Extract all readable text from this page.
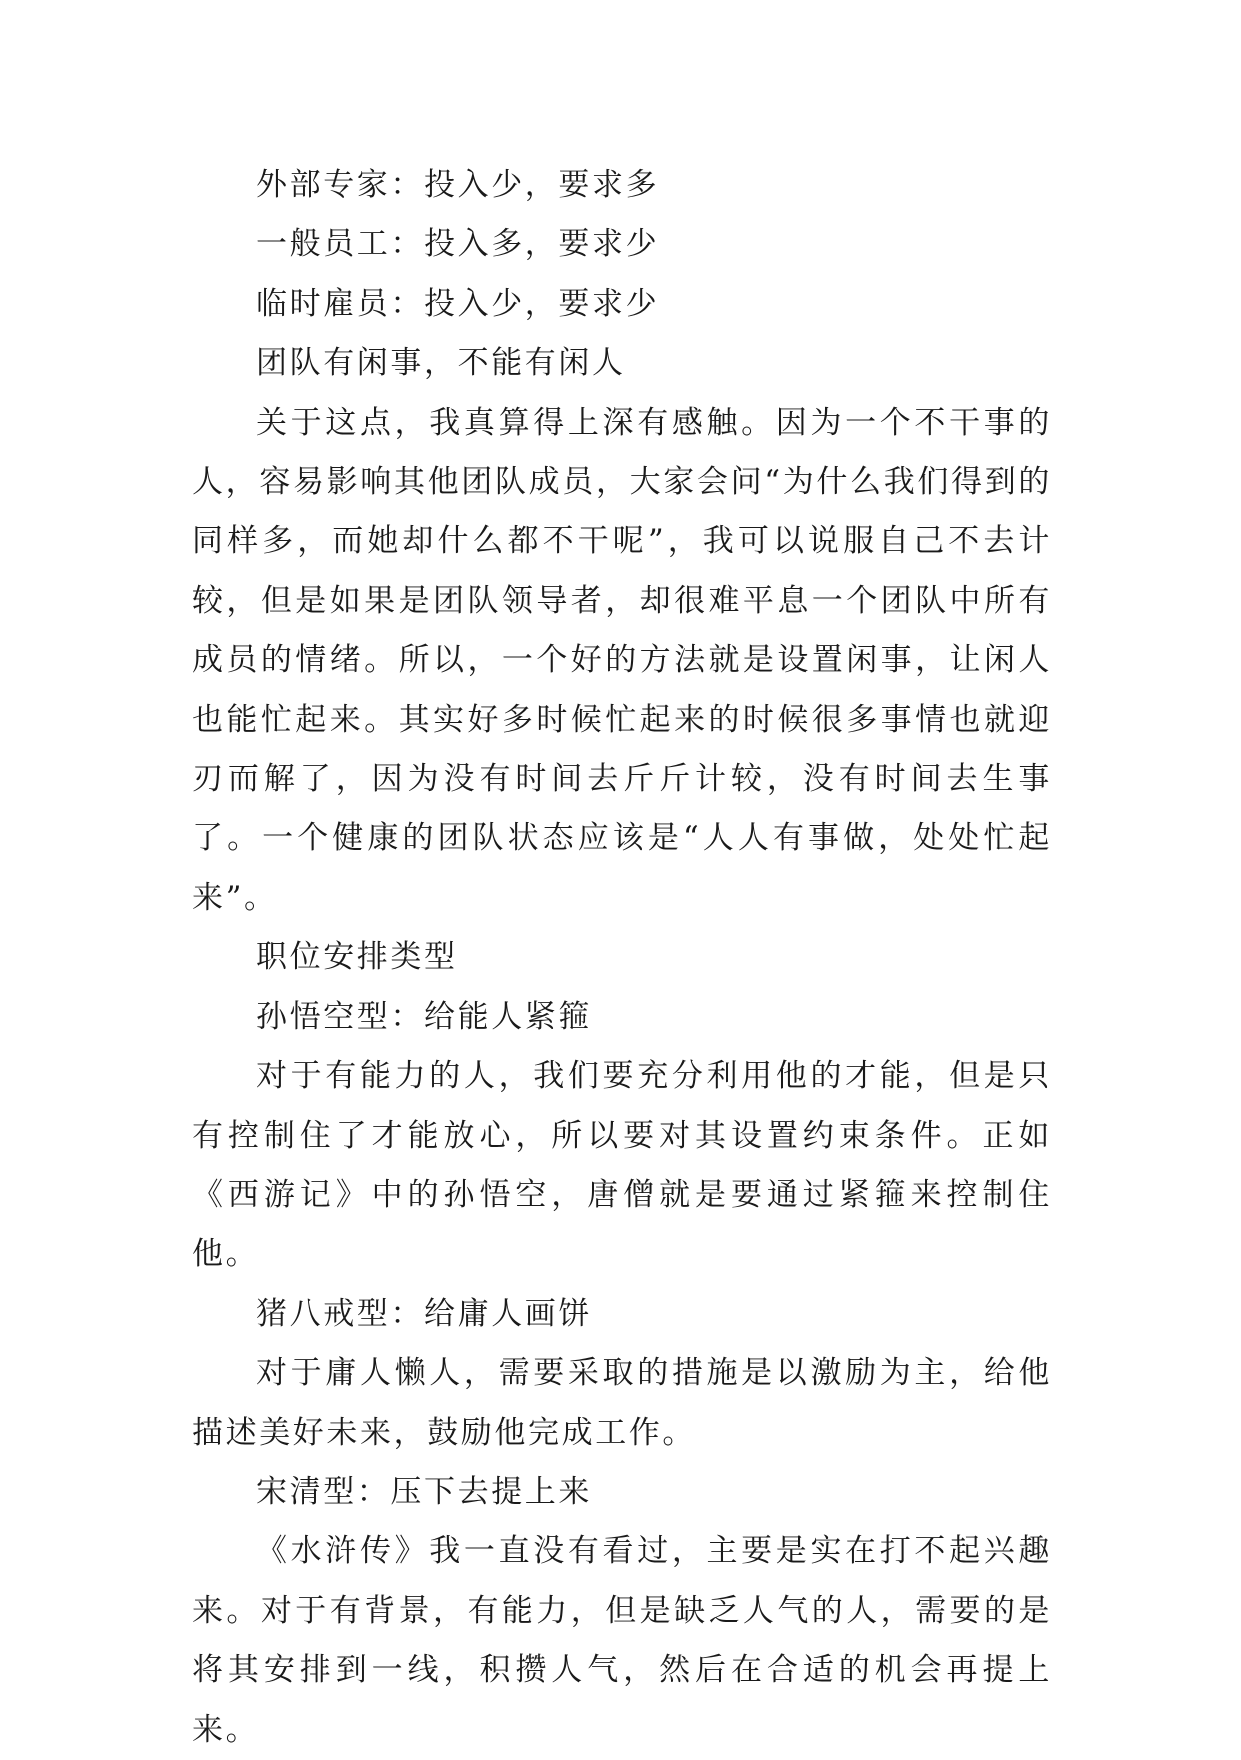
外部专家：投入少，要求多

一般员工：投入多，要求少

临时雇员：投入少，要求少

团队有闲事，不能有闲人

关于这点，我真算得上深有感触。因为一个不干事的人，容易影响其他团队成员，大家会问“为什么我们得到的同样多，而她却什么都不干呢”，我可以说服自己不去计较，但是如果是团队领导者，却很难平息一个团队中所有成员的情绪。所以，一个好的方法就是设置闲事，让闲人也能忙起来。其实好多时候忙起来的时候很多事情也就迎刃而解了，因为没有时间去斤斤计较，没有时间去生事了。一个健康的团队状态应该是“人人有事做，处处忙起来”。

职位安排类型

孙悟空型：给能人紧箍

对于有能力的人，我们要充分利用他的才能，但是只有控制住了才能放心，所以要对其设置约束条件。正如《西游记》中的孙悟空，唐僧就是要通过紧箍来控制住他。

猪八戒型：给庸人画饼

对于庸人懒人，需要采取的措施是以激励为主，给他描述美好未来，鼓励他完成工作。

宋清型：压下去提上来

《水浒传》我一直没有看过，主要是实在打不起兴趣来。对于有背景，有能力，但是缺乏人气的人，需要的是将其安排到一线，积攒人气，然后在合适的机会再提上来。
